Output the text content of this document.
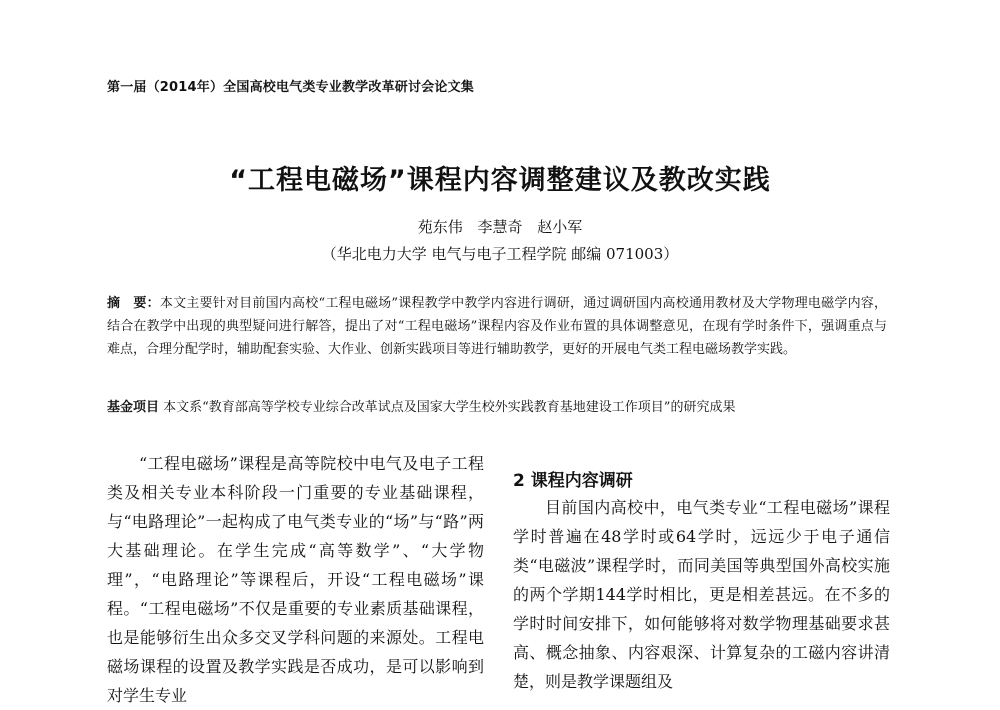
第一届（2014年）全国高校电气类专业教学改革研讨会论文集
“工程电磁场”课程内容调整建议及教改实践
苑东伟 李慧奇 赵小军
（华北电力大学 电气与电子工程学院 邮编 071003）
摘　要：本文主要针对目前国内高校“工程电磁场”课程教学中教学内容进行调研，通过调研国内高校通用教材及大学物理电磁学内容，结合在教学中出现的典型疑问进行解答，提出了对“工程电磁场”课程内容及作业布置的具体调整意见，在现有学时条件下，强调重点与难点，合理分配学时，辅助配套实验、大作业、创新实践项目等进行辅助教学，更好的开展电气类工程电磁场教学实践。
基金项目 本文系“教育部高等学校专业综合改革试点及国家大学生校外实践教育基地建设工作项目”的研究成果

“工程电磁场”课程是高等院校中电气及电子工程类及相关专业本科阶段一门重要的专业基础课程，与“电路理论”一起构成了电气类专业的“场”与“路”两大基础理论。在学生完成“高等数学”、“大学物理”，“电路理论”等课程后，开设“工程电磁场”课程。“工程电磁场”不仅是重要的专业素质基础课程，也是能够衍生出众多交叉学科问题的来源处。工程电磁场课程的设置及教学实践是否成功，是可以影响到对学生专业

2 课程内容调研

目前国内高校中，电气类专业“工程电磁场”课程学时普遍在48学时或64学时，远远少于电子通信类“电磁波”课程学时，而同美国等典型国外高校实施的两个学期144学时相比，更是相差甚远。在不多的学时时间安排下，如何能够将对数学物理基础要求甚高、概念抽象、内容艰深、计算复杂的工磁内容讲清楚，则是教学课题组及
